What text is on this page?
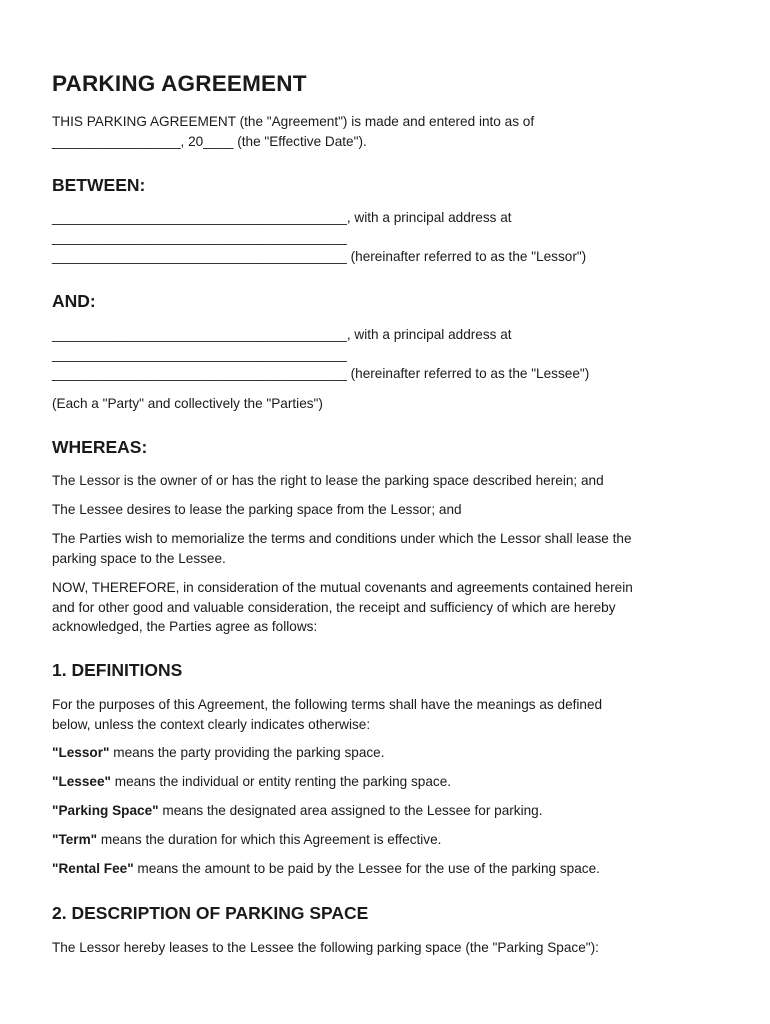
PARKING AGREEMENT
THIS PARKING AGREEMENT (the "Agreement") is made and entered into as of
_________________, 20____ (the "Effective Date").
BETWEEN:
_______________________________________, with a principal address at
_______________________________________
_______________________________________ (hereinafter referred to as the "Lessor")
AND:
_______________________________________, with a principal address at
_______________________________________
_______________________________________ (hereinafter referred to as the "Lessee")
(Each a "Party" and collectively the "Parties")
WHEREAS:
The Lessor is the owner of or has the right to lease the parking space described herein; and
The Lessee desires to lease the parking space from the Lessor; and
The Parties wish to memorialize the terms and conditions under which the Lessor shall lease the
parking space to the Lessee.
NOW, THEREFORE, in consideration of the mutual covenants and agreements contained herein
and for other good and valuable consideration, the receipt and sufficiency of which are hereby
acknowledged, the Parties agree as follows:
1. DEFINITIONS
For the purposes of this Agreement, the following terms shall have the meanings as defined
below, unless the context clearly indicates otherwise:
"Lessor" means the party providing the parking space.
"Lessee" means the individual or entity renting the parking space.
"Parking Space" means the designated area assigned to the Lessee for parking.
"Term" means the duration for which this Agreement is effective.
"Rental Fee" means the amount to be paid by the Lessee for the use of the parking space.
2. DESCRIPTION OF PARKING SPACE
The Lessor hereby leases to the Lessee the following parking space (the "Parking Space"):
